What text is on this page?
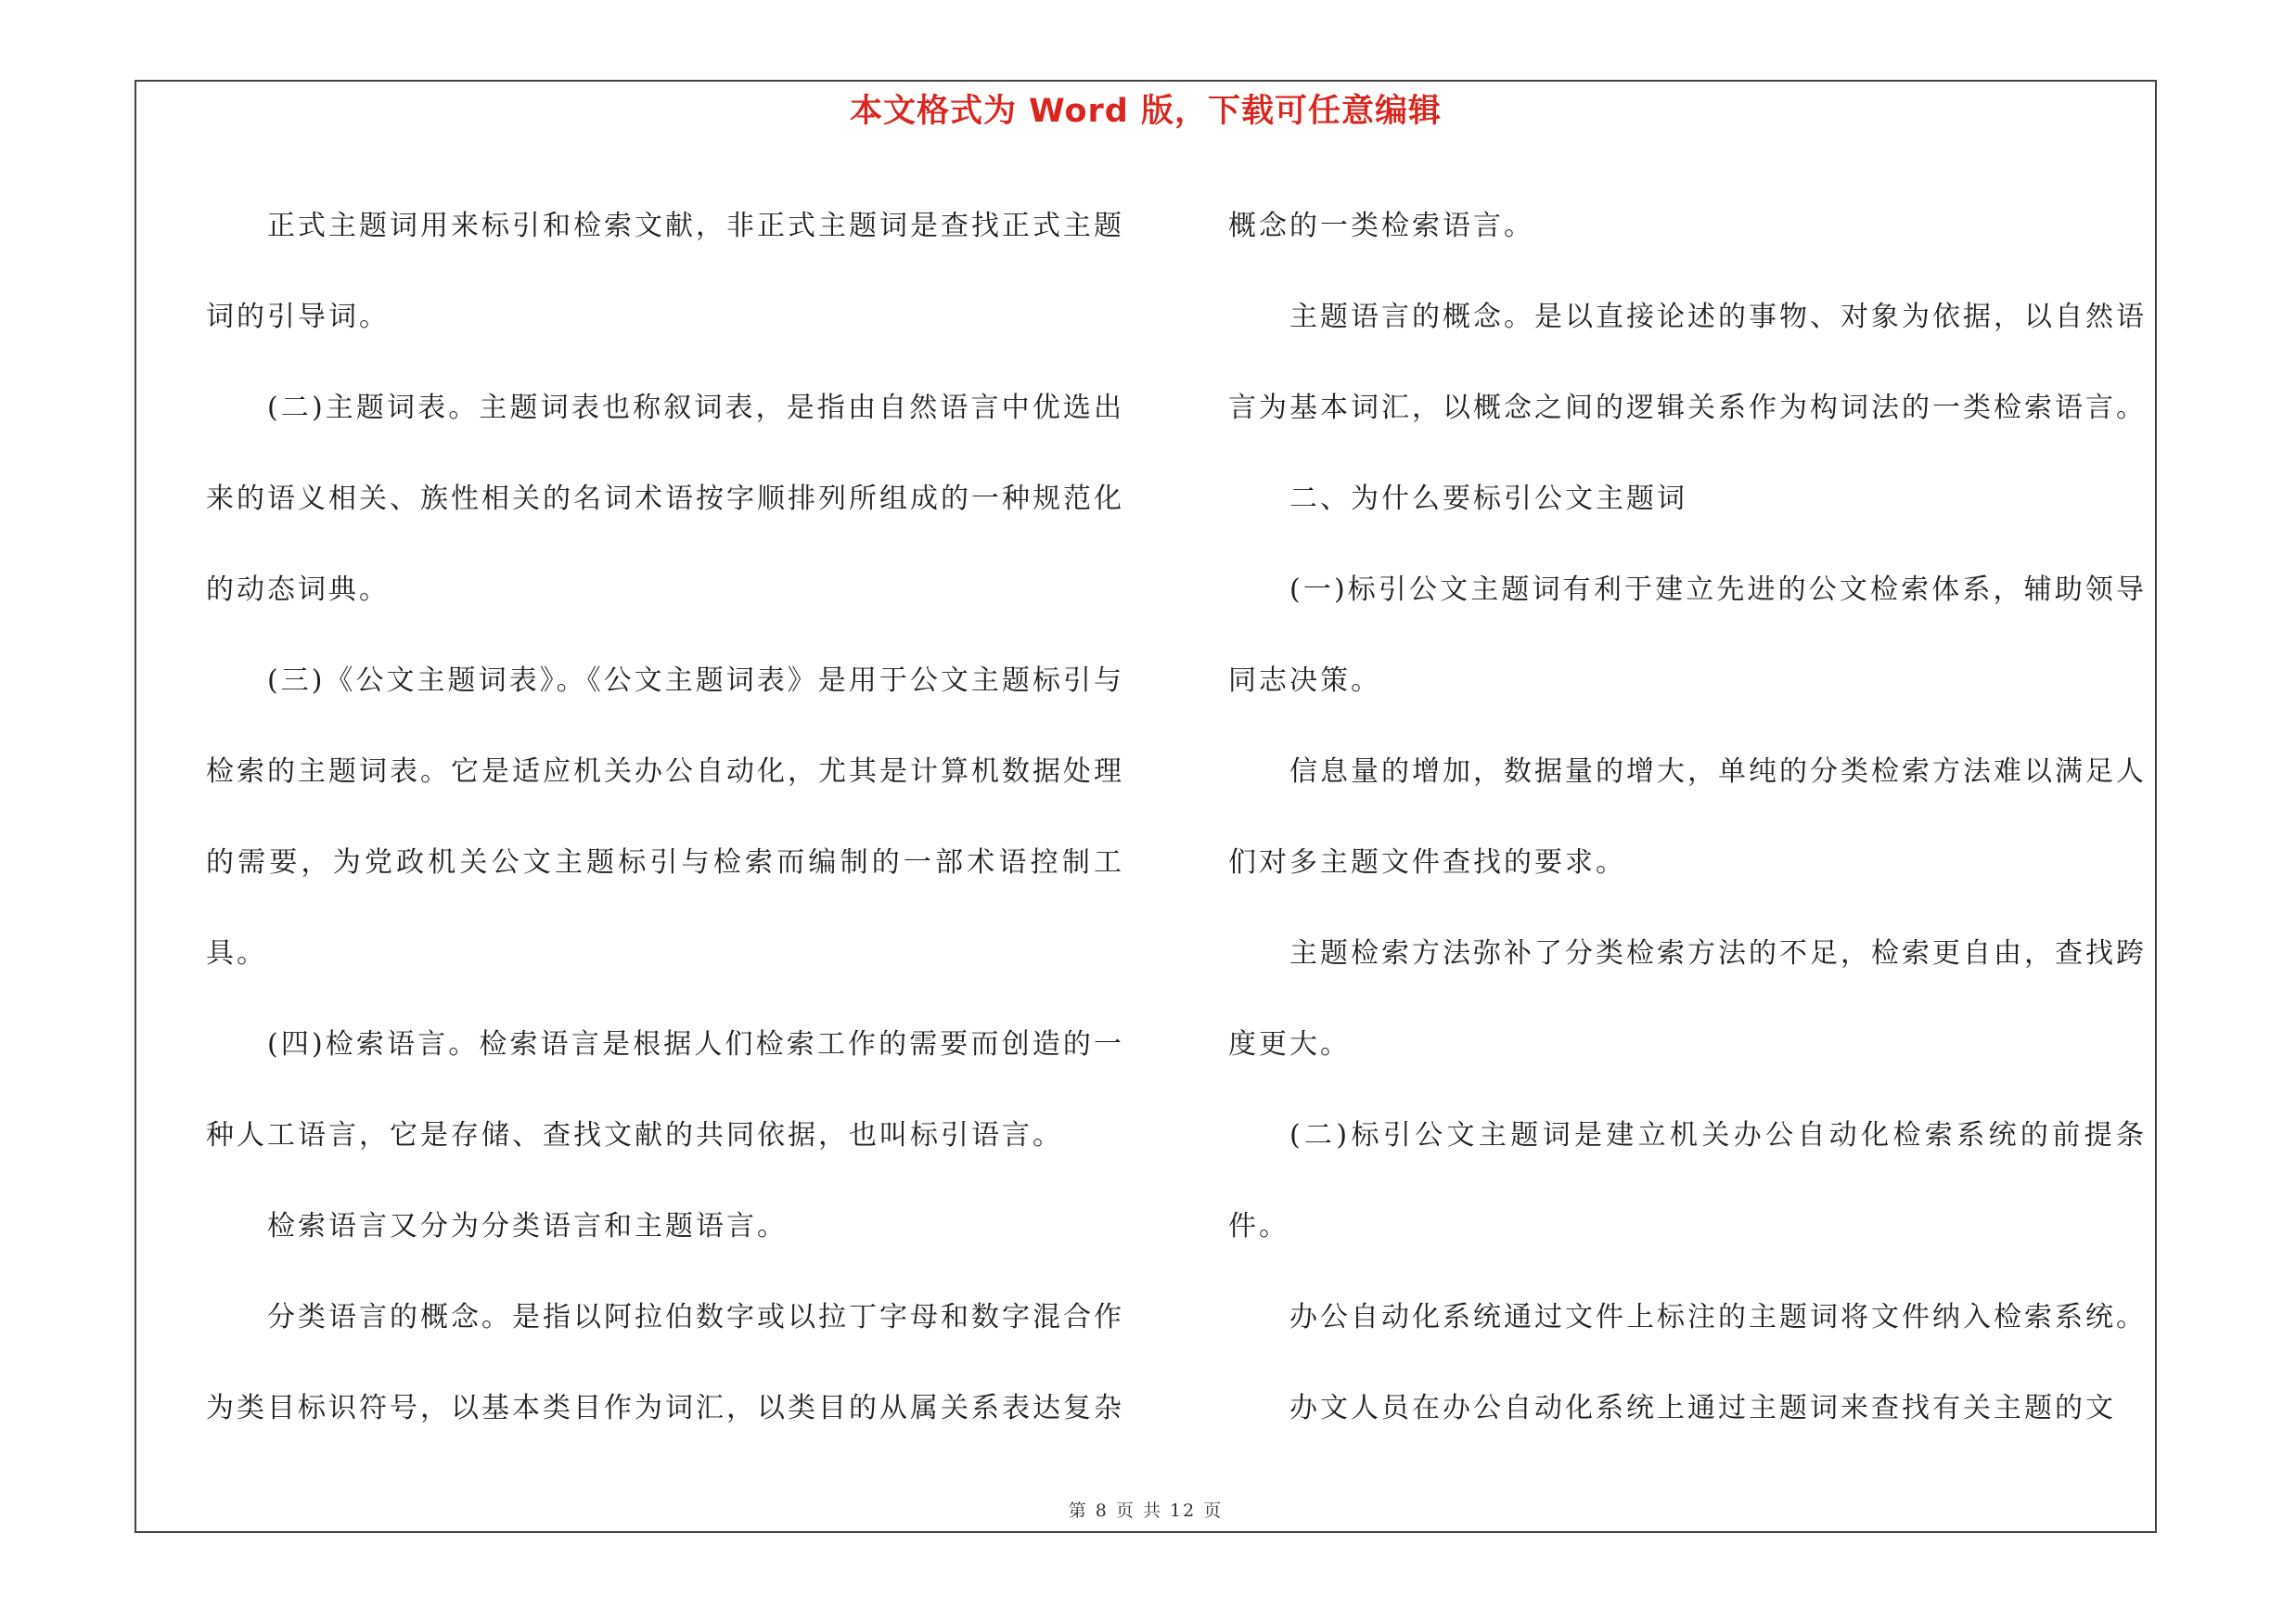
本文格式为 Word 版，下载可任意编辑

正式主题词用来标引和检索文献，非正式主题词是查找正式主题词的引导词。

(二)主题词表。主题词表也称叙词表，是指由自然语言中优选出来的语义相关、族性相关的名词术语按字顺排列所组成的一种规范化的动态词典。

(三)《公文主题词表》。《公文主题词表》是用于公文主题标引与检索的主题词表。它是适应机关办公自动化，尤其是计算机数据处理的需要，为党政机关公文主题标引与检索而编制的一部术语控制工具。

(四)检索语言。检索语言是根据人们检索工作的需要而创造的一种人工语言，它是存储、查找文献的共同依据，也叫标引语言。

检索语言又分为分类语言和主题语言。

分类语言的概念。是指以阿拉伯数字或以拉丁字母和数字混合作为类目标识符号，以基本类目作为词汇，以类目的从属关系表达复杂

概念的一类检索语言。

主题语言的概念。是以直接论述的事物、对象为依据，以自然语言为基本词汇，以概念之间的逻辑关系作为构词法的一类检索语言。

二、为什么要标引公文主题词

(一)标引公文主题词有利于建立先进的公文检索体系，辅助领导同志决策。

信息量的增加，数据量的增大，单纯的分类检索方法难以满足人们对多主题文件查找的要求。

主题检索方法弥补了分类检索方法的不足，检索更自由，查找跨度更大。

(二)标引公文主题词是建立机关办公自动化检索系统的前提条件。

办公自动化系统通过文件上标注的主题词将文件纳入检索系统。

办文人员在办公自动化系统上通过主题词来查找有关主题的文

第 8 页 共 12 页
